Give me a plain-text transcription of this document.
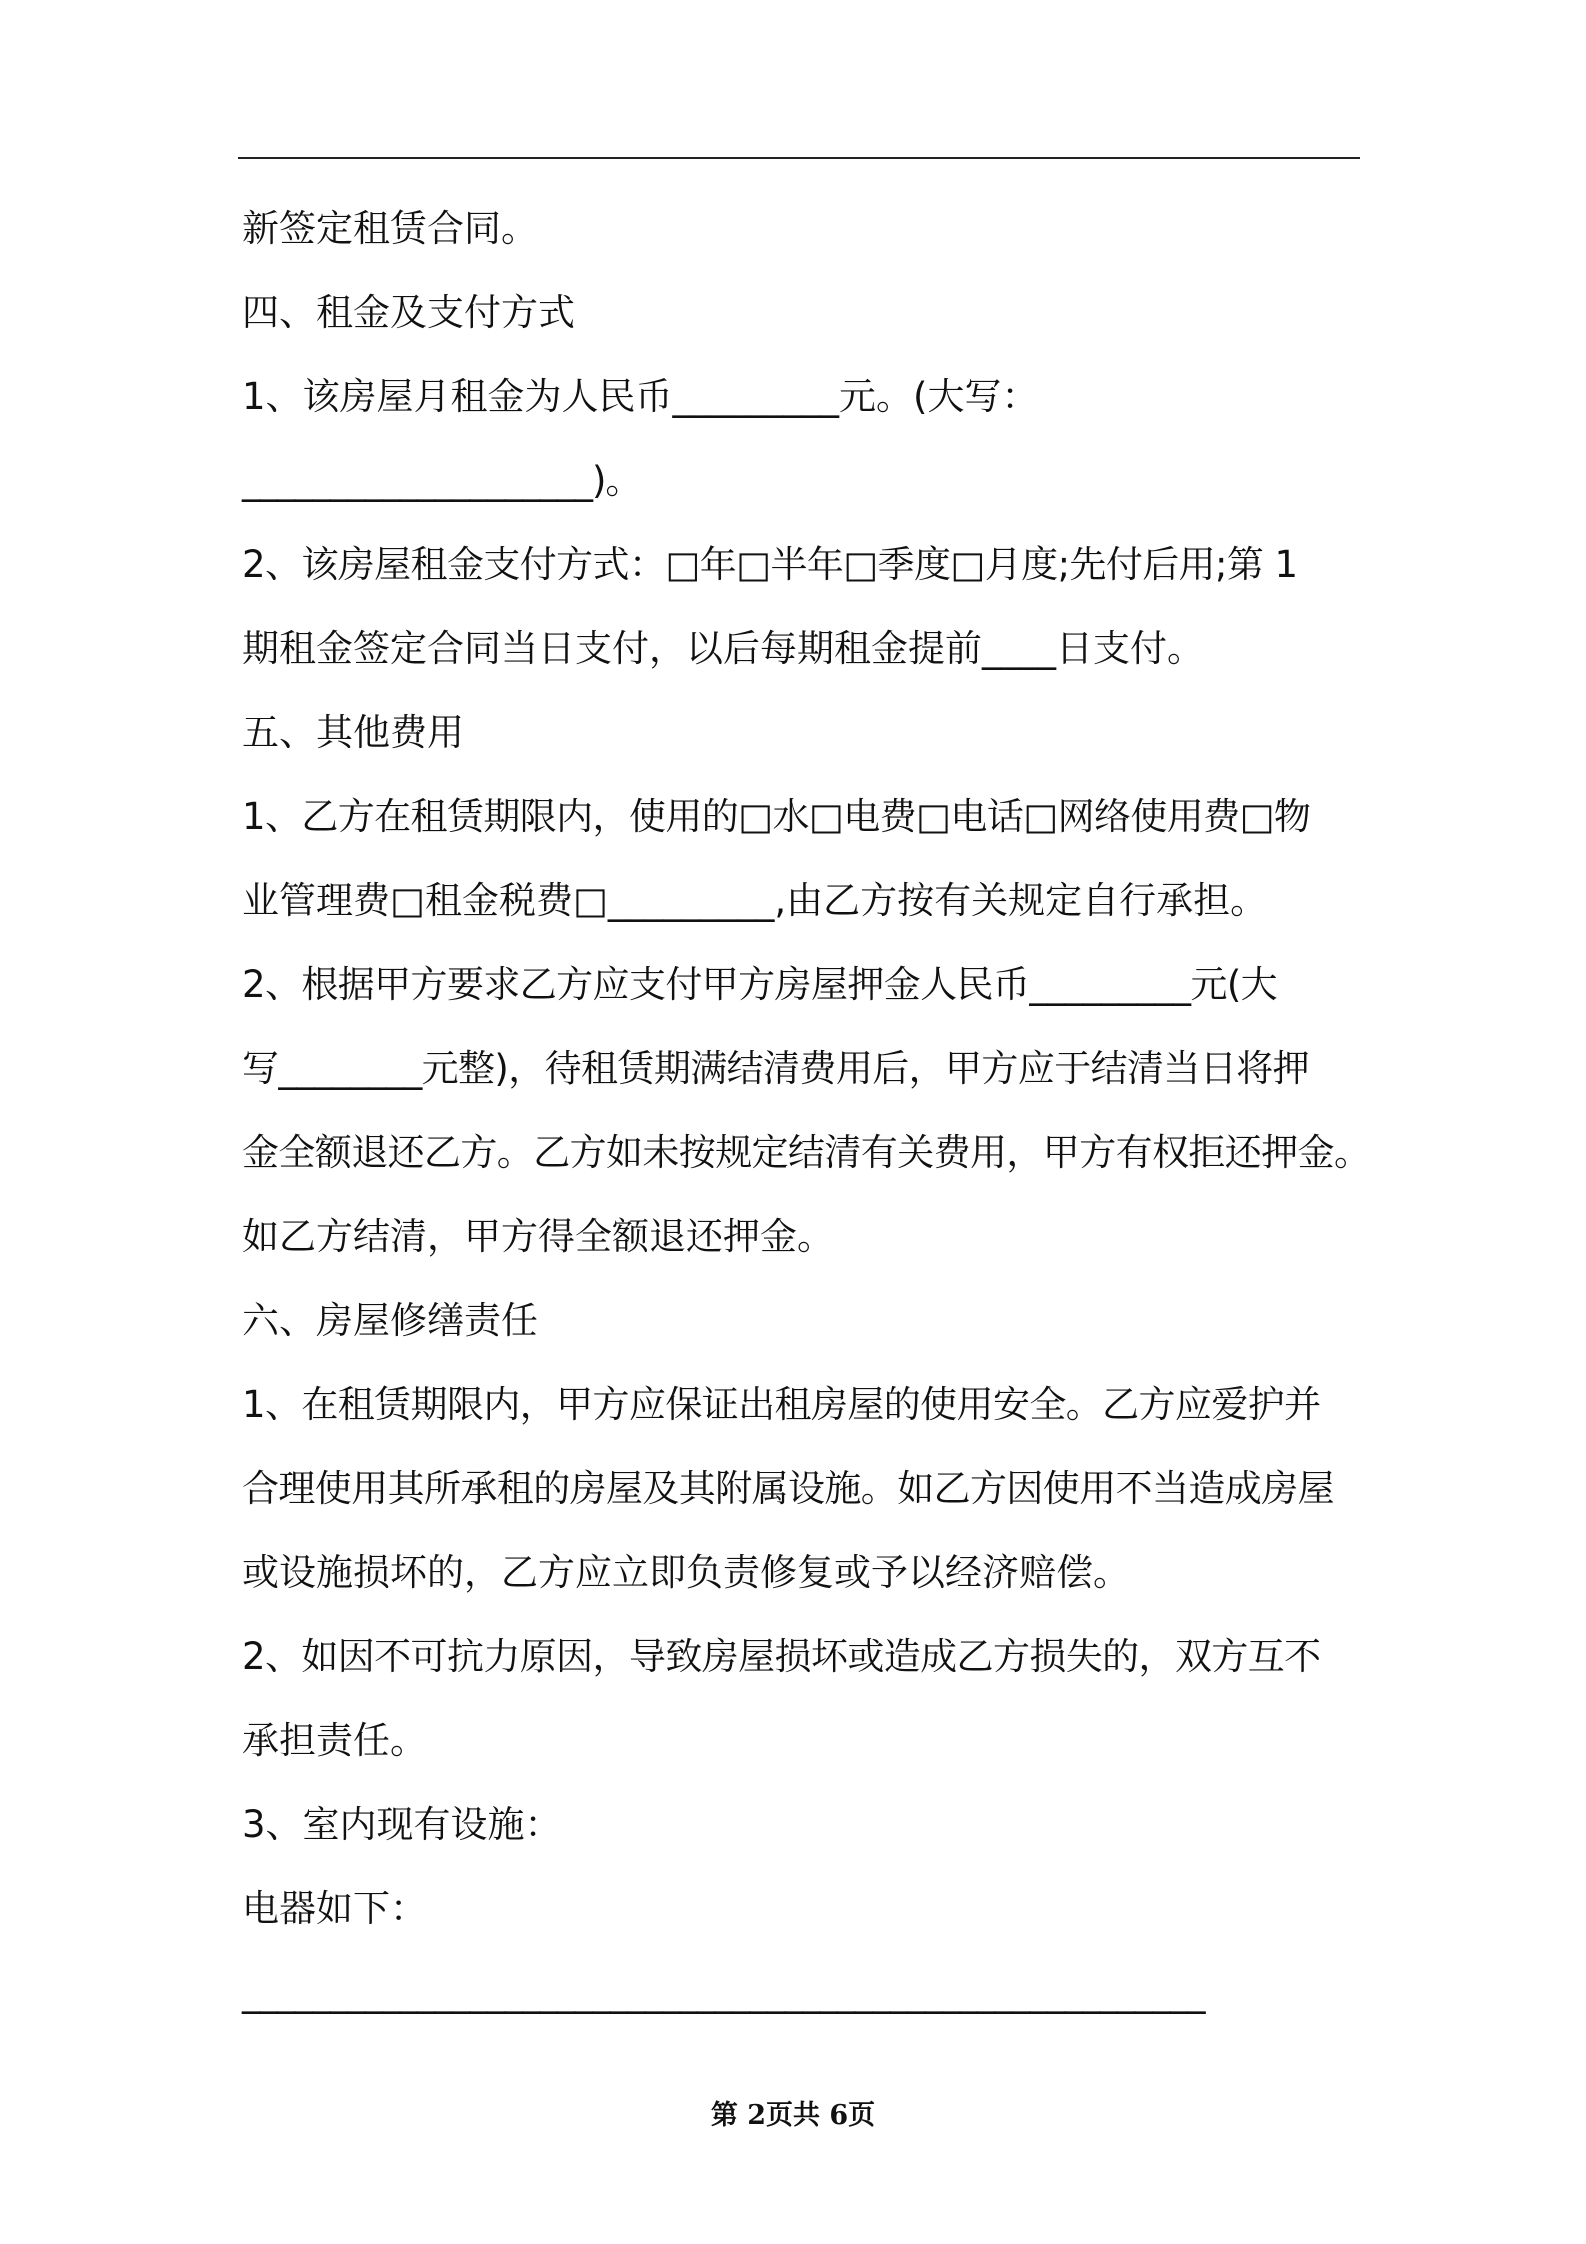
新签定租赁合同。
四、租金及支付方式
1、该房屋月租金为人民币_________元。(大写：
____________________)。
2、该房屋租金支付方式：□年□半年□季度□月度;先付后用;第 1
期租金签定合同当日支付，以后每期租金提前____日支付。
五、其他费用
1、乙方在租赁期限内，使用的□水□电费□电话□网络使用费□物
业管理费□租金税费□_________,由乙方按有关规定自行承担。
2、根据甲方要求乙方应支付甲方房屋押金人民币_________元(大
写________元整)，待租赁期满结清费用后，甲方应于结清当日将押
金全额退还乙方。乙方如未按规定结清有关费用，甲方有权拒还押金。
如乙方结清，甲方得全额退还押金。
六、房屋修缮责任
1、在租赁期限内，甲方应保证出租房屋的使用安全。乙方应爱护并
合理使用其所承租的房屋及其附属设施。如乙方因使用不当造成房屋
或设施损坏的，乙方应立即负责修复或予以经济赔偿。
2、如因不可抗力原因，导致房屋损坏或造成乙方损失的，双方互不
承担责任。
3、室内现有设施：
电器如下：
_______________________________________________________
第 2页共 6页
